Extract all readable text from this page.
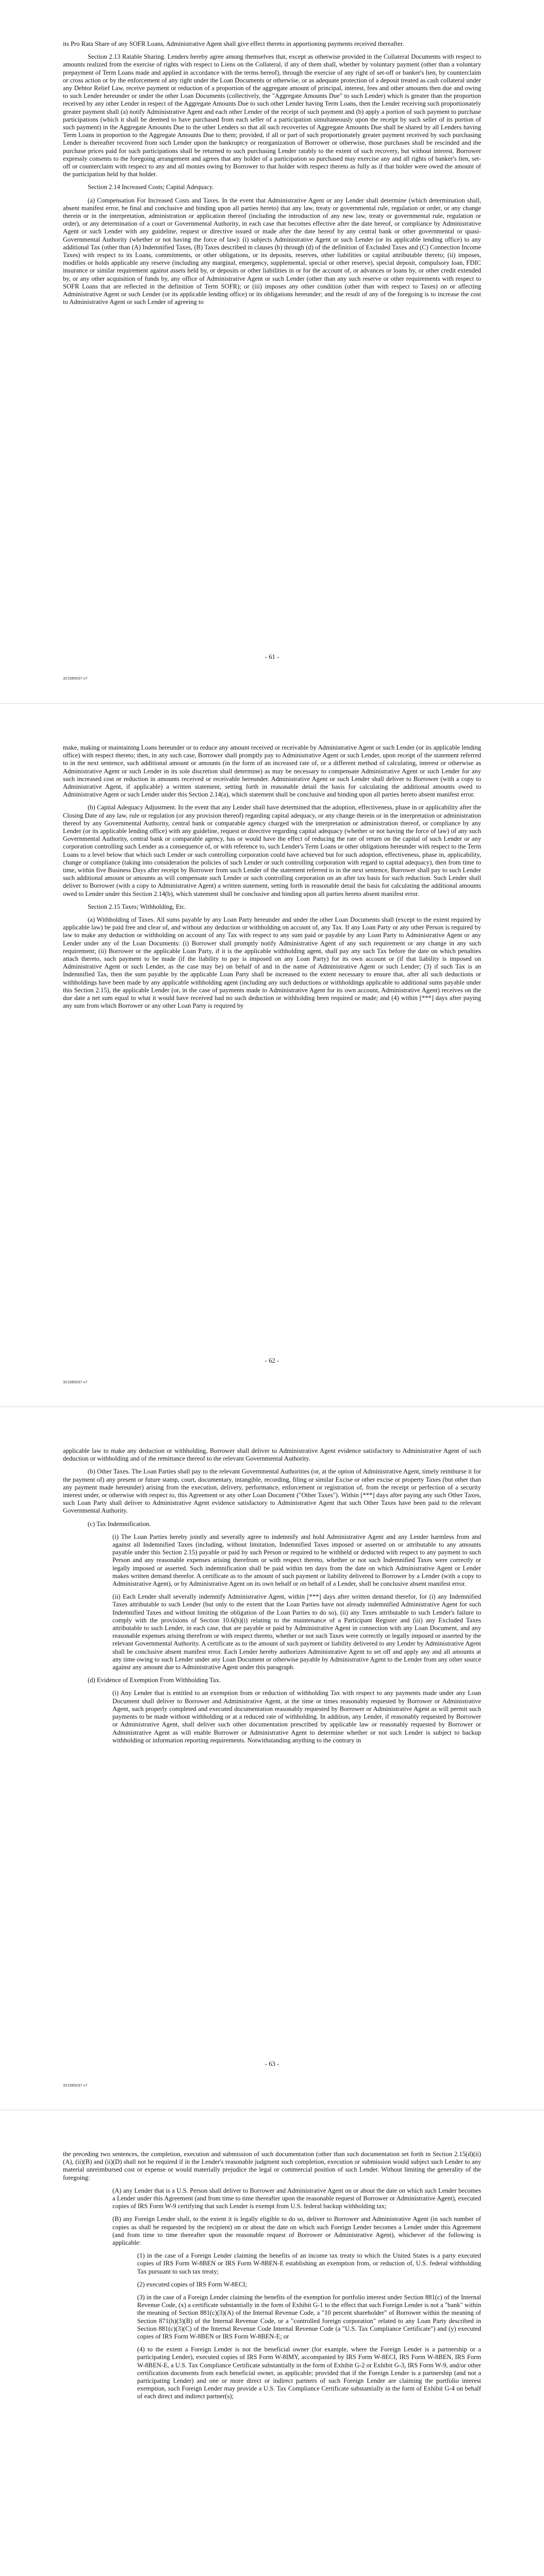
its Pro Rata Share of any SOFR Loans, Administrative Agent shall give effect thereto in apportioning payments received thereafter.

Section 2.13 Ratable Sharing. Lenders hereby agree among themselves that, except as otherwise provided in the Collateral Documents with respect to amounts realized from the exercise of rights with respect to Liens on the Collateral, if any of them shall, whether by voluntary payment (other than a voluntary prepayment of Term Loans made and applied in accordance with the terms hereof), through the exercise of any right of set-off or banker's lien, by counterclaim or cross action or by the enforcement of any right under the Loan Documents or otherwise, or as adequate protection of a deposit treated as cash collateral under any Debtor Relief Law, receive payment or reduction of a proportion of the aggregate amount of principal, interest, fees and other amounts then due and owing to such Lender hereunder or under the other Loan Documents (collectively, the "Aggregate Amounts Due" to such Lender) which is greater than the proportion received by any other Lender in respect of the Aggregate Amounts Due to such other Lender having Term Loans, then the Lender receiving such proportionately greater payment shall (a) notify Administrative Agent and each other Lender of the receipt of such payment and (b) apply a portion of such payment to purchase participations (which it shall be deemed to have purchased from each seller of a participation simultaneously upon the receipt by such seller of its portion of such payment) in the Aggregate Amounts Due to the other Lenders so that all such recoveries of Aggregate Amounts Due shall be shared by all Lenders having Term Loans in proportion to the Aggregate Amounts Due to them; provided, if all or part of such proportionately greater payment received by such purchasing Lender is thereafter recovered from such Lender upon the bankruptcy or reorganization of Borrower or otherwise, those purchases shall be rescinded and the purchase prices paid for such participations shall be returned to such purchasing Lender ratably to the extent of such recovery, but without interest. Borrower expressly consents to the foregoing arrangement and agrees that any holder of a participation so purchased may exercise any and all rights of banker's lien, set-off or counterclaim with respect to any and all monies owing by Borrower to that holder with respect thereto as fully as if that holder were owed the amount of the participation held by that holder.

Section 2.14 Increased Costs; Capital Adequacy.

(a) Compensation For Increased Costs and Taxes. In the event that Administrative Agent or any Lender shall determine (which determination shall, absent manifest error, be final and conclusive and binding upon all parties hereto) that any law, treaty or governmental rule, regulation or order, or any change therein or in the interpretation, administration or application thereof (including the introduction of any new law, treaty or governmental rule, regulation or order), or any determination of a court or Governmental Authority, in each case that becomes effective after the date hereof, or compliance by Administrative Agent or such Lender with any guideline, request or directive issued or made after the date hereof by any central bank or other governmental or quasi-Governmental Authority (whether or not having the force of law): (i) subjects Administrative Agent or such Lender (or its applicable lending office) to any additional Tax (other than (A) Indemnified Taxes, (B) Taxes described in clauses (b) through (d) of the definition of Excluded Taxes and (C) Connection Income Taxes) with respect to its Loans, commitments, or other obligations, or its deposits, reserves, other liabilities or capital attributable thereto; (ii) imposes, modifies or holds applicable any reserve (including any marginal, emergency, supplemental, special or other reserve), special deposit, compulsory loan, FDIC insurance or similar requirement against assets held by, or deposits or other liabilities in or for the account of, or advances or loans by, or other credit extended by, or any other acquisition of funds by, any office of Administrative Agent or such Lender (other than any such reserve or other requirements with respect to SOFR Loans that are reflected in the definition of Term SOFR); or (iii) imposes any other condition (other than with respect to Taxes) on or affecting Administrative Agent or such Lender (or its applicable lending office) or its obligations hereunder; and the result of any of the foregoing is to increase the cost to Administrative Agent or such Lender of agreeing to

- 61 -
321585037 v7

make, making or maintaining Loans hereunder or to reduce any amount received or receivable by Administrative Agent or such Lender (or its applicable lending office) with respect thereto; then, in any such case, Borrower shall promptly pay to Administrative Agent or such Lender, upon receipt of the statement referred to in the next sentence, such additional amount or amounts (in the form of an increased rate of, or a different method of calculating, interest or otherwise as Administrative Agent or such Lender in its sole discretion shall determine) as may be necessary to compensate Administrative Agent or such Lender for any such increased cost or reduction in amounts received or receivable hereunder. Administrative Agent or such Lender shall deliver to Borrower (with a copy to Administrative Agent, if applicable) a written statement, setting forth in reasonable detail the basis for calculating the additional amounts owed to Administrative Agent or such Lender under this Section 2.14(a), which statement shall be conclusive and binding upon all parties hereto absent manifest error.

(b) Capital Adequacy Adjustment. In the event that any Lender shall have determined that the adoption, effectiveness, phase in or applicability after the Closing Date of any law, rule or regulation (or any provision thereof) regarding capital adequacy, or any change therein or in the interpretation or administration thereof by any Governmental Authority, central bank or comparable agency charged with the interpretation or administration thereof, or compliance by any Lender (or its applicable lending office) with any guideline, request or directive regarding capital adequacy (whether or not having the force of law) of any such Governmental Authority, central bank or comparable agency, has or would have the effect of reducing the rate of return on the capital of such Lender or any corporation controlling such Lender as a consequence of, or with reference to, such Lender's Term Loans or other obligations hereunder with respect to the Term Loans to a level below that which such Lender or such controlling corporation could have achieved but for such adoption, effectiveness, phase in, applicability, change or compliance (taking into consideration the policies of such Lender or such controlling corporation with regard to capital adequacy), then from time to time, within five Business Days after receipt by Borrower from such Lender of the statement referred to in the next sentence, Borrower shall pay to such Lender such additional amount or amounts as will compensate such Lender or such controlling corporation on an after tax basis for such reduction. Such Lender shall deliver to Borrower (with a copy to Administrative Agent) a written statement, setting forth in reasonable detail the basis for calculating the additional amounts owed to Lender under this Section 2.14(b), which statement shall be conclusive and binding upon all parties hereto absent manifest error.

Section 2.15 Taxes; Withholding, Etc.

(a) Withholding of Taxes. All sums payable by any Loan Party hereunder and under the other Loan Documents shall (except to the extent required by applicable law) be paid free and clear of, and without any deduction or withholding on account of, any Tax. If any Loan Party or any other Person is required by law to make any deduction or withholding on account of any Tax with respect to any sum paid or payable by any Loan Party to Administrative Agent or any Lender under any of the Loan Documents: (i) Borrower shall promptly notify Administrative Agent of any such requirement or any change in any such requirement; (ii) Borrower or the applicable Loan Party, if it is the applicable withholding agent, shall pay any such Tax before the date on which penalties attach thereto, such payment to be made (if the liability to pay is imposed on any Loan Party) for its own account or (if that liability is imposed on Administrative Agent or such Lender, as the case may be) on behalf of and in the name of Administrative Agent or such Lender; (3) if such Tax is an Indemnified Tax, then the sum payable by the applicable Loan Party shall be increased to the extent necessary to ensure that, after all such deductions or withholdings have been made by any applicable withholding agent (including any such deductions or withholdings applicable to additional sums payable under this Section 2.15), the applicable Lender (or, in the case of payments made to Administrative Agent for its own account, Administrative Agent) receives on the due date a net sum equal to what it would have received had no such deduction or withholding been required or made; and (4) within [***] days after paying any sum from which Borrower or any other Loan Party is required by

- 62 -
321585037 v7

applicable law to make any deduction or withholding, Borrower shall deliver to Administrative Agent evidence satisfactory to Administrative Agent of such deduction or withholding and of the remittance thereof to the relevant Governmental Authority.

(b) Other Taxes. The Loan Parties shall pay to the relevant Governmental Authorities (or, at the option of Administrative Agent, timely reimburse it for the payment of) any present or future stamp, court, documentary, intangible, recording, filing or similar Excise or other excise or property Taxes (but other than any payment made hereunder) arising from the execution, delivery, performance, enforcement or registration of, from the receipt or perfection of a security interest under, or otherwise with respect to, this Agreement or any other Loan Document ("Other Taxes"). Within [***] days after paying any such Other Taxes, such Loan Party shall deliver to Administrative Agent evidence satisfactory to Administrative Agent that such Other Taxes have been paid to the relevant Governmental Authority.

(c) Tax Indemnification.

(i) The Loan Parties hereby jointly and severally agree to indemnify and hold Administrative Agent and any Lender harmless from and against all Indemnified Taxes (including, without limitation, Indemnified Taxes imposed or asserted on or attributable to any amounts payable under this Section 2.15) payable or paid by such Person or required to be withheld or deducted with respect to any payment to such Person and any reasonable expenses arising therefrom or with respect thereto, whether or not such Indemnified Taxes were correctly or legally imposed or asserted. Such indemnification shall be paid within ten days from the date on which Administrative Agent or Lender makes written demand therefor. A certificate as to the amount of such payment or liability delivered to Borrower by a Lender (with a copy to Administrative Agent), or by Administrative Agent on its own behalf or on behalf of a Lender, shall be conclusive absent manifest error.

(ii) Each Lender shall severally indemnify Administrative Agent, within [***] days after written demand therefor, for (i) any Indemnified Taxes attributable to such Lender (but only to the extent that the Loan Parties have not already indemnified Administrative Agent for such Indemnified Taxes and without limiting the obligation of the Loan Parties to do so), (ii) any Taxes attributable to such Lender's failure to comply with the provisions of Section 10.6(h)(i) relating to the maintenance of a Participant Register and (iii) any Excluded Taxes attributable to such Lender, in each case, that are payable or paid by Administrative Agent in connection with any Loan Document, and any reasonable expenses arising therefrom or with respect thereto, whether or not such Taxes were correctly or legally imposed or asserted by the relevant Governmental Authority. A certificate as to the amount of such payment or liability delivered to any Lender by Administrative Agent shall be conclusive absent manifest error. Each Lender hereby authorizes Administrative Agent to set off and apply any and all amounts at any time owing to such Lender under any Loan Document or otherwise payable by Administrative Agent to the Lender from any other source against any amount due to Administrative Agent under this paragraph.

(d) Evidence of Exemption From Withholding Tax.

(i) Any Lender that is entitled to an exemption from or reduction of withholding Tax with respect to any payments made under any Loan Document shall deliver to Borrower and Administrative Agent, at the time or times reasonably requested by Borrower or Administrative Agent, such properly completed and executed documentation reasonably requested by Borrower or Administrative Agent as will permit such payments to be made without withholding or at a reduced rate of withholding. In addition, any Lender, if reasonably requested by Borrower or Administrative Agent, shall deliver such other documentation prescribed by applicable law or reasonably requested by Borrower or Administrative Agent as will enable Borrower or Administrative Agent to determine whether or not such Lender is subject to backup withholding or information reporting requirements. Notwithstanding anything to the contrary in

- 63 -
321585037 v7

the preceding two sentences, the completion, execution and submission of such documentation (other than such documentation set forth in Section 2.15(d)(ii)(A), (ii)(B) and (ii)(D) shall not be required if in the Lender's reasonable judgment such completion, execution or submission would subject such Lender to any material unreimbursed cost or expense or would materially prejudice the legal or commercial position of such Lender. Without limiting the generality of the foregoing:

(A) any Lender that is a U.S. Person shall deliver to Borrower and Administrative Agent on or about the date on which such Lender becomes a Lender under this Agreement (and from time to time thereafter upon the reasonable request of Borrower or Administrative Agent), executed copies of IRS Form W-9 certifying that such Lender is exempt from U.S. federal backup withholding tax;

(B) any Foreign Lender shall, to the extent it is legally eligible to do so, deliver to Borrower and Administrative Agent (in such number of copies as shall be requested by the recipient) on or about the date on which such Foreign Lender becomes a Lender under this Agreement (and from time to time thereafter upon the reasonable request of Borrower or Administrative Agent), whichever of the following is applicable:

(1) in the case of a Foreign Lender claiming the benefits of an income tax treaty to which the United States is a party executed copies of IRS Form W-8BEN or IRS Form W-8BEN-E establishing an exemption from, or reduction of, U.S. federal withholding Tax pursuant to such tax treaty;

(2) executed copies of IRS Form W-8ECI;

(3) in the case of a Foreign Lender claiming the benefits of the exemption for portfolio interest under Section 881(c) of the Internal Revenue Code, (x) a certificate substantially in the form of Exhibit G-1 to the effect that such Foreign Lender is not a "bank" within the meaning of Section 881(c)(3)(A) of the Internal Revenue Code, a "10 percent shareholder" of Borrower within the meaning of Section 871(h)(3)(B) of the Internal Revenue Code, or a "controlled foreign corporation" related to any Loan Party described in Section 881(c)(3)(C) of the Internal Revenue Code Internal Revenue Code (a "U.S. Tax Compliance Certificate") and (y) executed copies of IRS Form W-8BEN or IRS Form W-8BEN-E; or

(4) to the extent a Foreign Lender is not the beneficial owner (for example, where the Foreign Lender is a partnership or a participating Lender), executed copies of IRS Form W-8IMY, accompanied by IRS Form W-8ECI, IRS Form W-8BEN, IRS Form W-8BEN-E, a U.S. Tax Compliance Certificate substantially in the form of Exhibit G-2 or Exhibit G-3, IRS Form W-9, and/or other certification documents from each beneficial owner, as applicable; provided that if the Foreign Lender is a partnership (and not a participating Lender) and one or more direct or indirect partners of such Foreign Lender are claiming the portfolio interest exemption, such Foreign Lender may provide a U.S. Tax Compliance Certificate substantially in the form of Exhibit G-4 on behalf of each direct and indirect partner(s);
